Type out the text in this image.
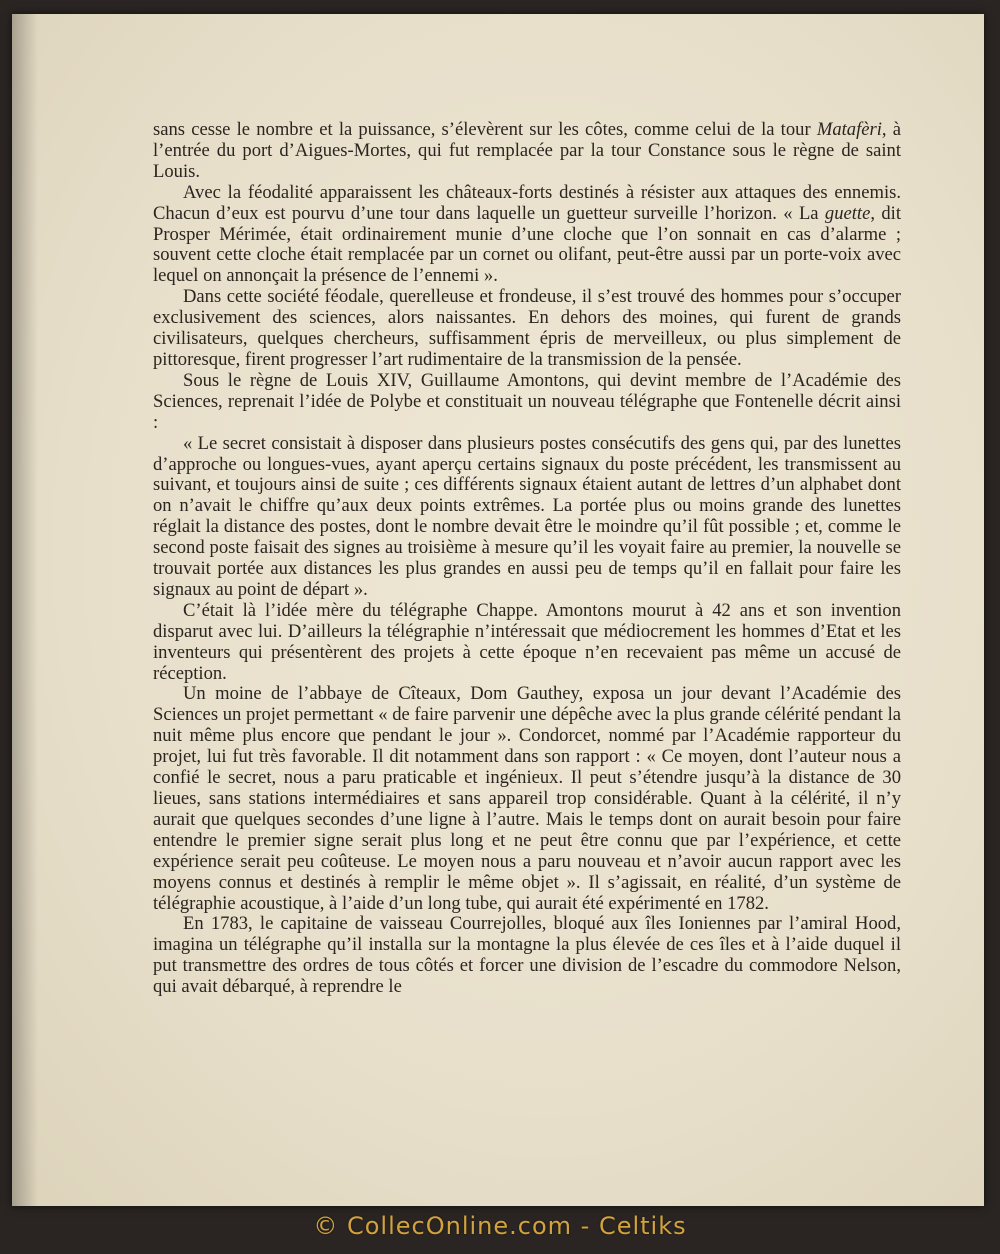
sans cesse le nombre et la puissance, s’élevèrent sur les côtes, comme celui de la tour Matafèri, à l’entrée du port d’Aigues-Mortes, qui fut remplacée par la tour Constance sous le règne de saint Louis.

Avec la féodalité apparaissent les châteaux-forts destinés à résister aux attaques des ennemis. Chacun d’eux est pourvu d’une tour dans laquelle un guetteur surveille l’horizon. « La guette, dit Prosper Mérimée, était ordinairement munie d’une cloche que l’on sonnait en cas d’alarme ; souvent cette cloche était remplacée par un cornet ou olifant, peut-être aussi par un porte-voix avec lequel on annonçait la présence de l’ennemi ».

Dans cette société féodale, querelleuse et frondeuse, il s’est trouvé des hommes pour s’occuper exclusivement des sciences, alors naissantes. En dehors des moines, qui furent de grands civilisateurs, quelques chercheurs, suffisamment épris de merveilleux, ou plus simplement de pittoresque, firent progresser l’art rudimentaire de la transmission de la pensée.

Sous le règne de Louis XIV, Guillaume Amontons, qui devint membre de l’Académie des Sciences, reprenait l’idée de Polybe et constituait un nouveau télégraphe que Fontenelle décrit ainsi :

« Le secret consistait à disposer dans plusieurs postes consécutifs des gens qui, par des lunettes d’approche ou longues-vues, ayant aperçu certains signaux du poste précédent, les transmissent au suivant, et toujours ainsi de suite ; ces différents signaux étaient autant de lettres d’un alphabet dont on n’avait le chiffre qu’aux deux points extrêmes. La portée plus ou moins grande des lunettes réglait la distance des postes, dont le nombre devait être le moindre qu’il fût possible ; et, comme le second poste faisait des signes au troisième à mesure qu’il les voyait faire au premier, la nouvelle se trouvait portée aux distances les plus grandes en aussi peu de temps qu’il en fallait pour faire les signaux au point de départ ».

C’était là l’idée mère du télégraphe Chappe. Amontons mourut à 42 ans et son invention disparut avec lui. D’ailleurs la télégraphie n’intéressait que médiocrement les hommes d’Etat et les inventeurs qui présentèrent des projets à cette époque n’en recevaient pas même un accusé de réception.

Un moine de l’abbaye de Cîteaux, Dom Gauthey, exposa un jour devant l’Académie des Sciences un projet permettant « de faire parvenir une dépêche avec la plus grande célérité pendant la nuit même plus encore que pendant le jour ». Condorcet, nommé par l’Académie rapporteur du projet, lui fut très favorable. Il dit notamment dans son rapport : « Ce moyen, dont l’auteur nous a confié le secret, nous a paru praticable et ingénieux. Il peut s’étendre jusqu’à la distance de 30 lieues, sans stations intermédiaires et sans appareil trop considérable. Quant à la célérité, il n’y aurait que quelques secondes d’une ligne à l’autre. Mais le temps dont on aurait besoin pour faire entendre le premier signe serait plus long et ne peut être connu que par l’expérience, et cette expérience serait peu coûteuse. Le moyen nous a paru nouveau et n’avoir aucun rapport avec les moyens connus et destinés à remplir le même objet ». Il s’agissait, en réalité, d’un système de télégraphie acoustique, à l’aide d’un long tube, qui aurait été expérimenté en 1782.

En 1783, le capitaine de vaisseau Courrejolles, bloqué aux îles Ioniennes par l’amiral Hood, imagina un télégraphe qu’il installa sur la montagne la plus élevée de ces îles et à l’aide duquel il put transmettre des ordres de tous côtés et forcer une division de l’escadre du commodore Nelson, qui avait débarqué, à reprendre le

© CollecOnline.com - Celtiks
